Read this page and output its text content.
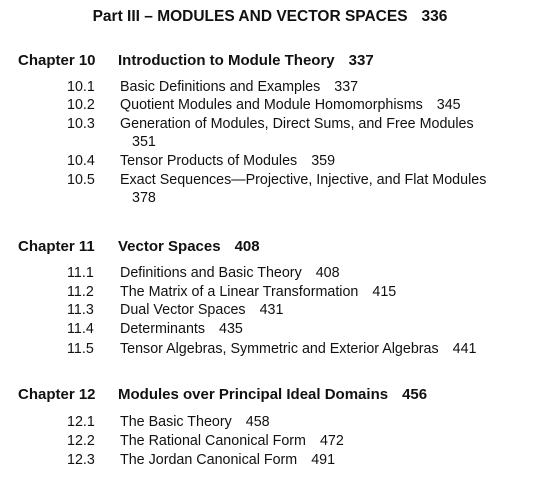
Part III – MODULES AND VECTOR SPACES 336
Chapter 10 Introduction to Module Theory 337
10.1 Basic Definitions and Examples 337
10.2 Quotient Modules and Module Homomorphisms 345
10.3 Generation of Modules, Direct Sums, and Free Modules
351
10.4 Tensor Products of Modules 359
10.5 Exact Sequences—Projective, Injective, and Flat Modules
378
Chapter 11 Vector Spaces 408
11.1 Definitions and Basic Theory 408
11.2 The Matrix of a Linear Transformation 415
11.3 Dual Vector Spaces 431
11.4 Determinants 435
11.5 Tensor Algebras, Symmetric and Exterior Algebras 441
Chapter 12 Modules over Principal Ideal Domains 456
12.1 The Basic Theory 458
12.2 The Rational Canonical Form 472
12.3 The Jordan Canonical Form 491
